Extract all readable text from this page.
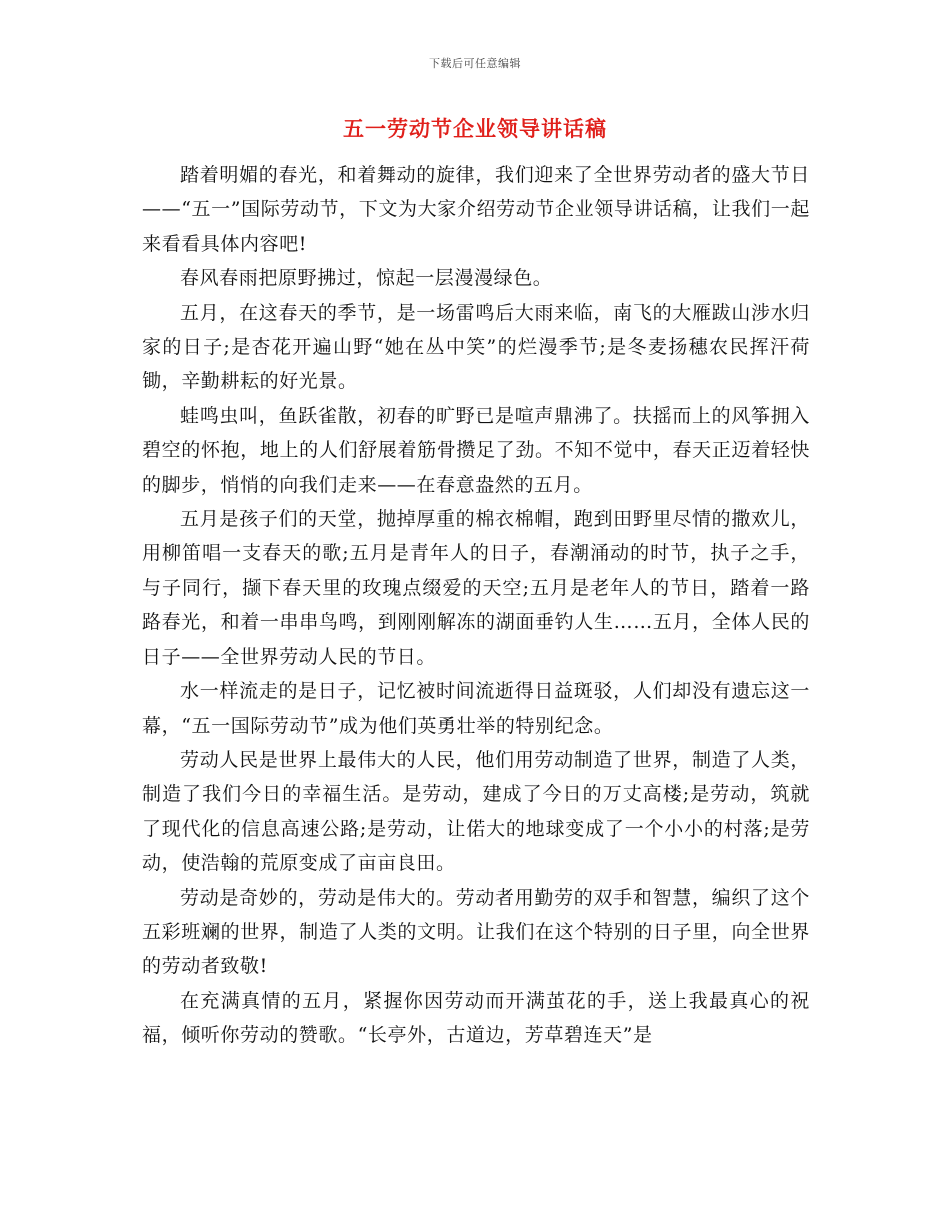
下载后可任意编辑
五一劳动节企业领导讲话稿

踏着明媚的春光，和着舞动的旋律，我们迎来了全世界劳动者的盛大节日——“五一”国际劳动节，下文为大家介绍劳动节企业领导讲话稿，让我们一起来看看具体内容吧!

春风春雨把原野拂过，惊起一层漫漫绿色。

五月，在这春天的季节，是一场雷鸣后大雨来临，南飞的大雁跋山涉水归家的日子;是杏花开遍山野“她在丛中笑”的烂漫季节;是冬麦扬穗农民挥汗荷锄，辛勤耕耘的好光景。

蛙鸣虫叫，鱼跃雀散，初春的旷野已是喧声鼎沸了。扶摇而上的风筝拥入碧空的怀抱，地上的人们舒展着筋骨攒足了劲。不知不觉中，春天正迈着轻快的脚步，悄悄的向我们走来——在春意盎然的五月。

五月是孩子们的天堂，抛掉厚重的棉衣棉帽，跑到田野里尽情的撒欢儿，用柳笛唱一支春天的歌;五月是青年人的日子，春潮涌动的时节，执子之手，与子同行，撷下春天里的玫瑰点缀爱的天空;五月是老年人的节日，踏着一路路春光，和着一串串鸟鸣，到刚刚解冻的湖面垂钓人生……五月，全体人民的日子——全世界劳动人民的节日。

水一样流走的是日子，记忆被时间流逝得日益斑驳，人们却没有遗忘这一幕，“五一国际劳动节”成为他们英勇壮举的特别纪念。

劳动人民是世界上最伟大的人民，他们用劳动制造了世界，制造了人类，制造了我们今日的幸福生活。是劳动，建成了今日的万丈高楼;是劳动，筑就了现代化的信息高速公路;是劳动，让偌大的地球变成了一个小小的村落;是劳动，使浩翰的荒原变成了亩亩良田。

劳动是奇妙的，劳动是伟大的。劳动者用勤劳的双手和智慧，编织了这个五彩班斓的世界，制造了人类的文明。让我们在这个特别的日子里，向全世界的劳动者致敬!

在充满真情的五月，紧握你因劳动而开满茧花的手，送上我最真心的祝福，倾听你劳动的赞歌。“长亭外，古道边，芳草碧连天”是
